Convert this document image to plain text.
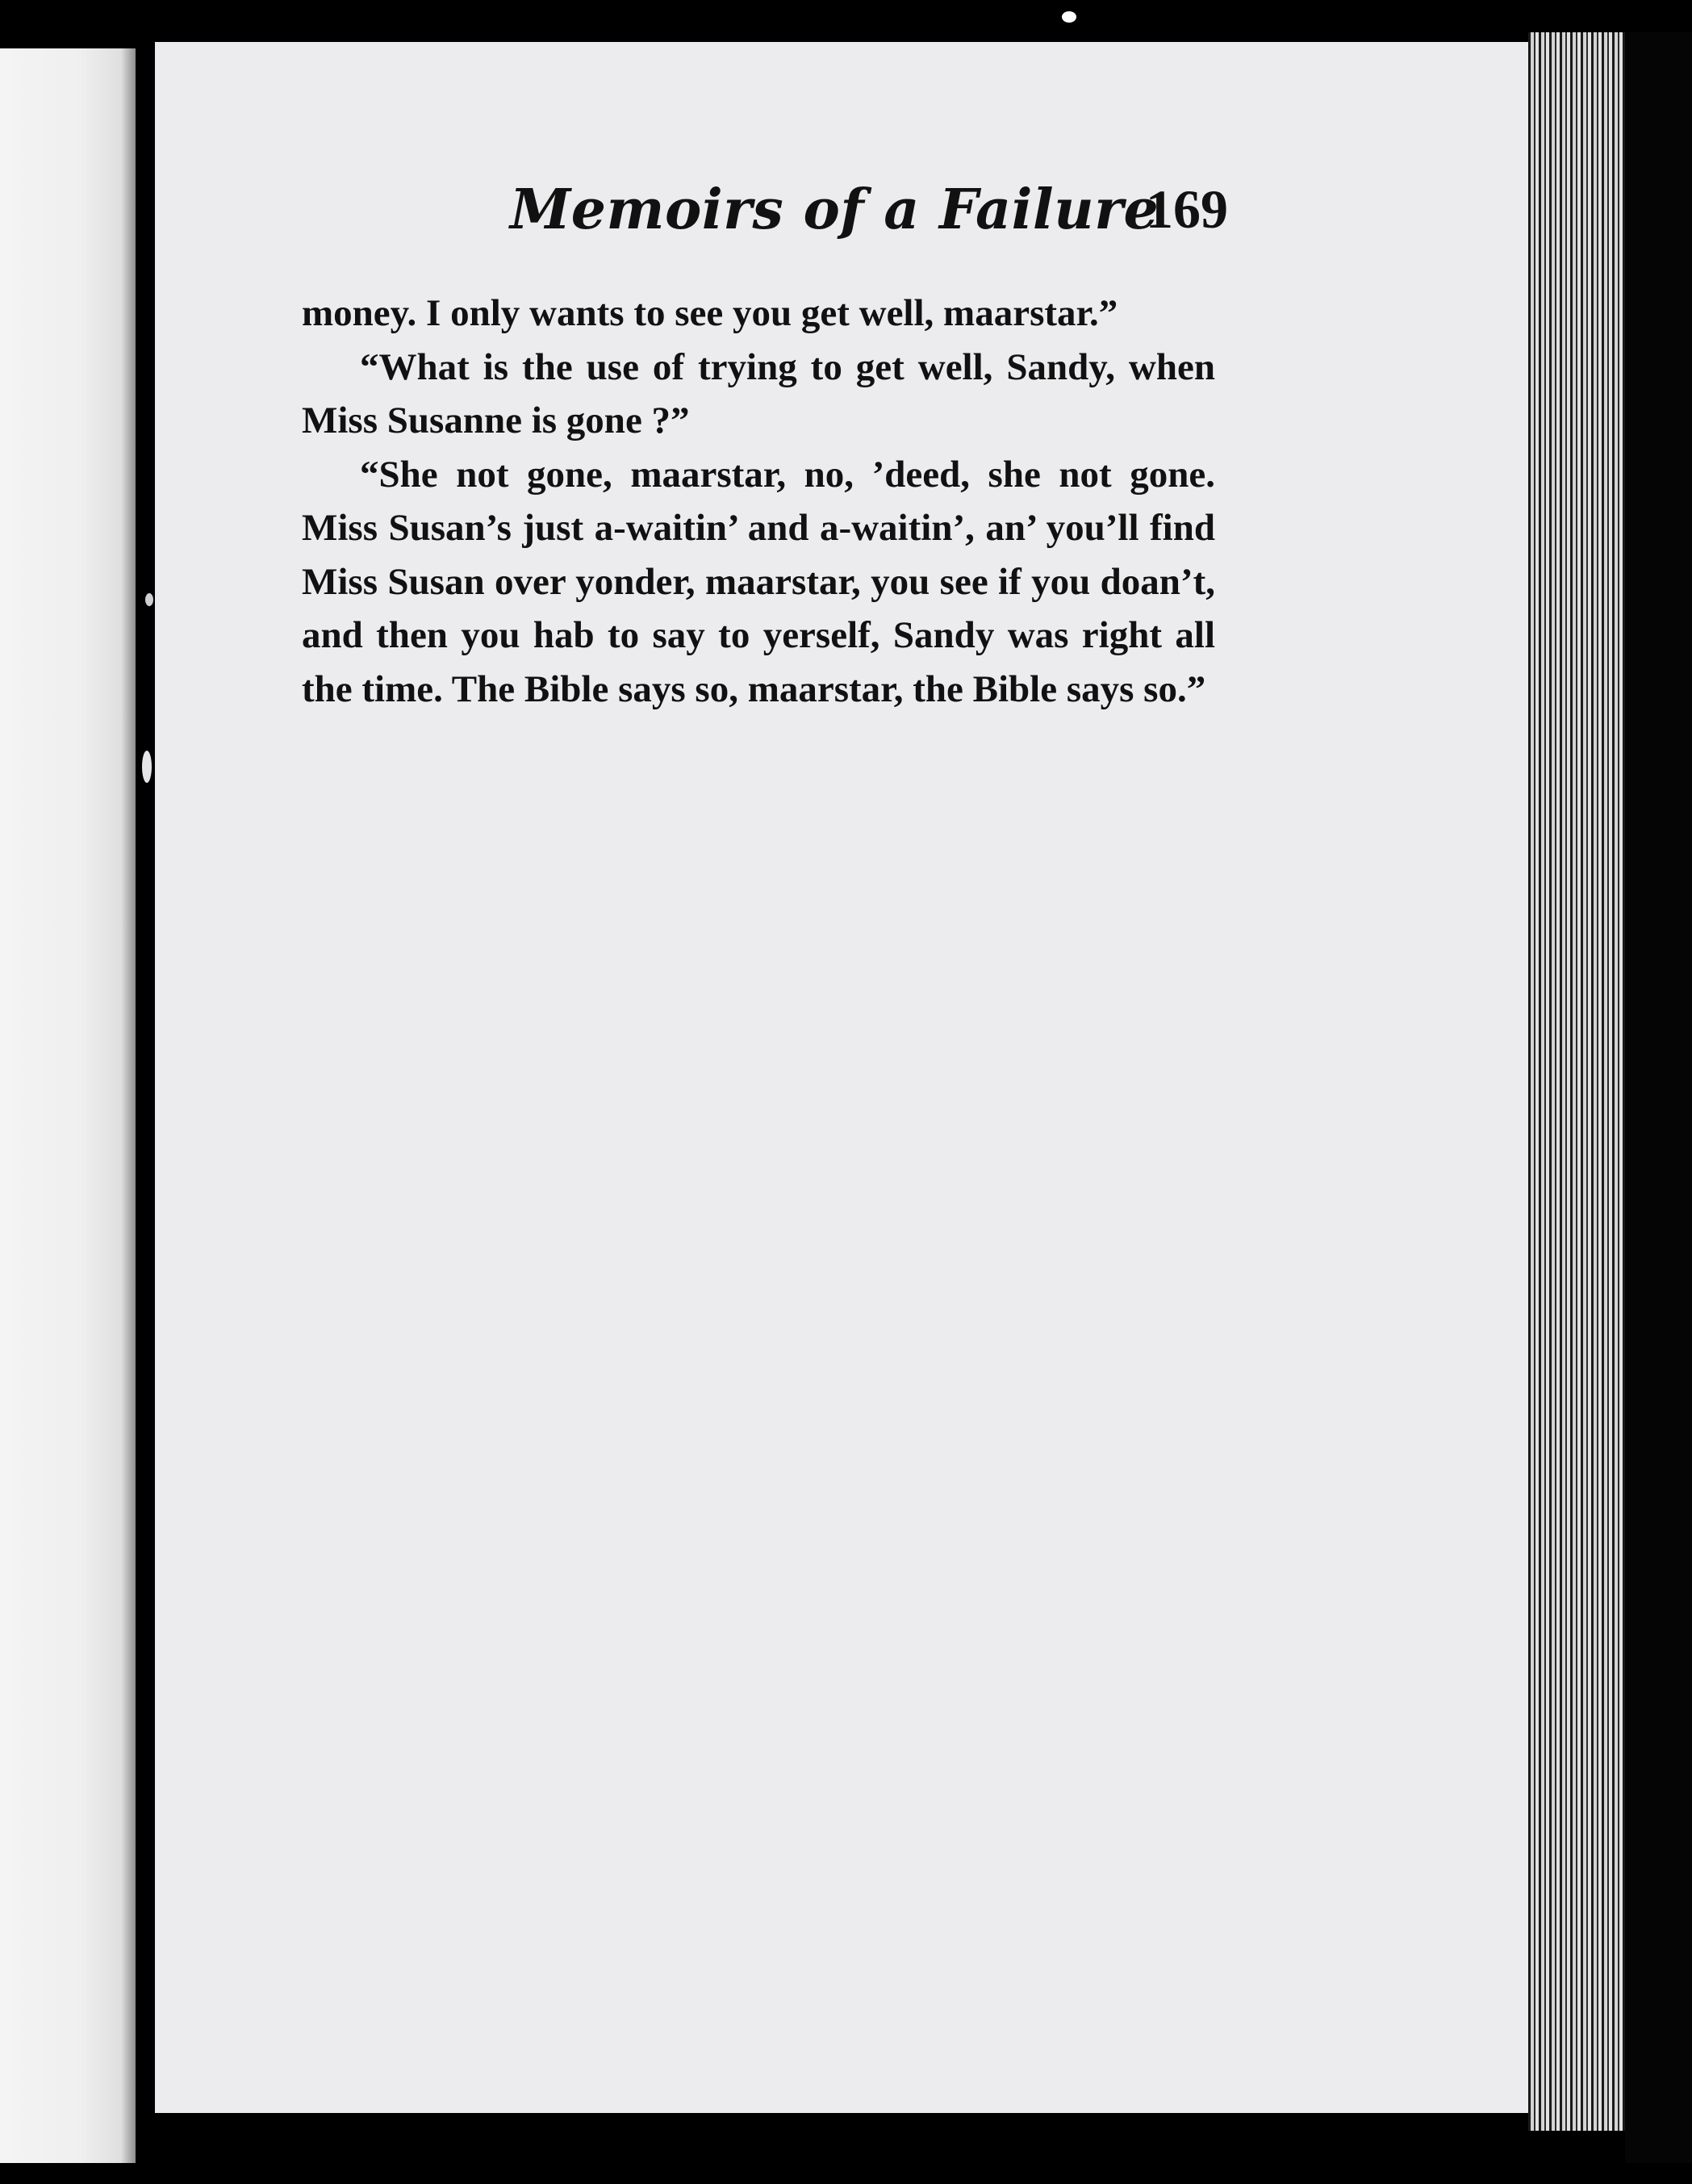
Memoirs of a Failure
169

money. I only wants to see you get well, maarstar.”

“What is the use of trying to get well, Sandy, when Miss Susanne is gone ?”

“She not gone, maarstar, no, ’deed, she not gone. Miss Susan’s just a-waitin’ and a-waitin’, an’ you’ll find Miss Susan over yonder, maarstar, you see if you doan’t, and then you hab to say to yerself, Sandy was right all the time. The Bible says so, maarstar, the Bible says so.”
